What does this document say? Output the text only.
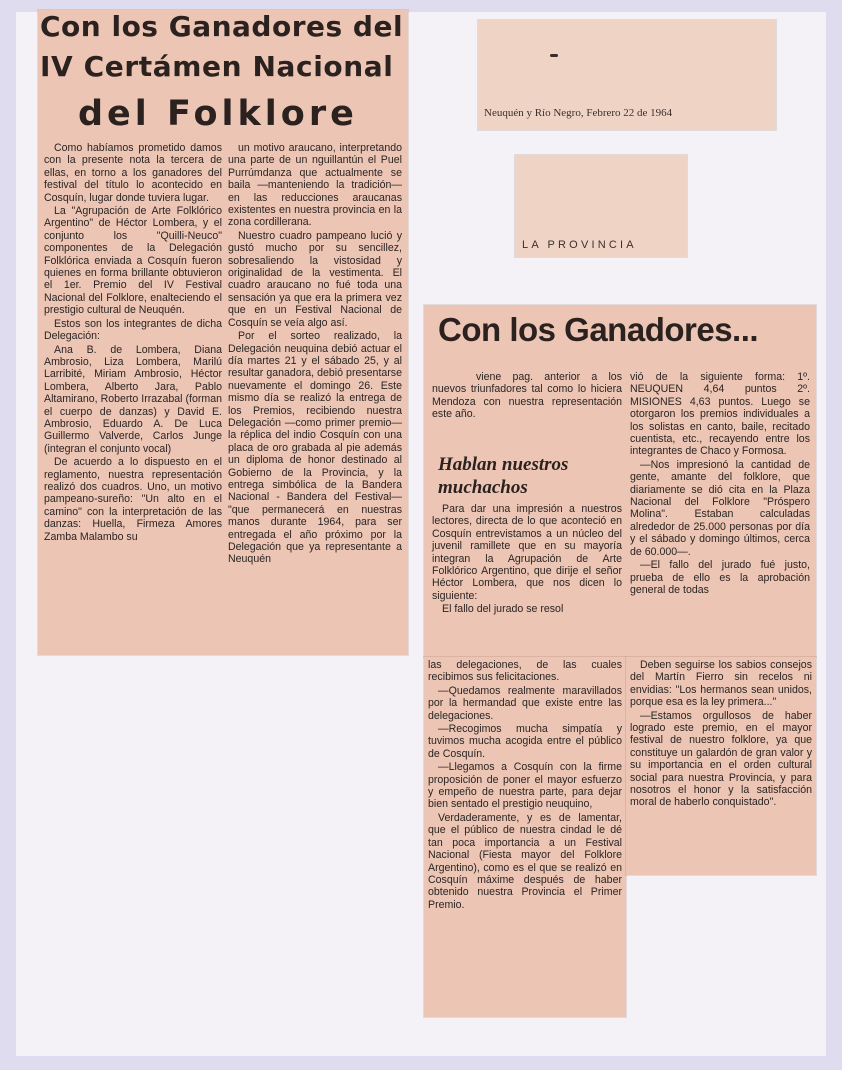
Con los Ganadores del
IV Certámen Nacional
del Folklore

Como habíamos prometido damos con la presente nota la tercera de ellas, en torno a los ganadores del festival del título lo acontecido en Cosquín, lugar donde tuviera lugar.

La "Agrupación de Arte Folklórico Argentino" de Héctor Lombera, y el conjunto los "Quilli-Neuco" componentes de la Delegación Folklórica enviada a Cosquín fueron quienes en forma brillante obtuvieron el 1er. Premio del IV Festival Nacional del Folklore, enalteciendo el prestigio cultural de Neuquén.

Estos son los integrantes de dicha Delegación:

Ana B. de Lombera, Diana Ambrosio, Liza Lombera, Marilú Larribité, Miriam Ambrosio, Héctor Lombera, Alberto Jara, Pablo Altamirano, Roberto Irrazabal (forman el cuerpo de danzas) y David E. Ambrosio, Eduardo A. De Luca Guillermo Valverde, Carlos Junge (integran el conjunto vocal)

De acuerdo a lo dispuesto en el reglamento, nuestra representación realizó dos cuadros. Uno, un motivo pampeano-sureño: "Un alto en el camino" con la interpretación de las danzas: Huella, Firmeza Amores Zamba Malambo su

un motivo araucano, interpretando una parte de un nguillantún el Puel Purrúmdanza que actualmente se baila —manteniendo la tradición— en las reducciones araucanas existentes en nuestra provincia en la zona cordillerana.

Nuestro cuadro pampeano lució y gustó mucho por su sencillez, sobresaliendo la vistosidad y originalidad de la vestimenta. El cuadro araucano no fué toda una sensación ya que era la primera vez que en un Festival Nacional de Cosquín se veía algo así.

Por el sorteo realizado, la Delegación neuquina debió actuar el día martes 21 y el sábado 25, y al resultar ganadora, debió presentarse nuevamente el domingo 26. Este mismo día se realizó la entrega de los Premios, recibiendo nuestra Delegación —como primer premio— la réplica del indio Cosquín con una placa de oro grabada al pie además un diploma de honor destinado al Gobierno de la Provincia, y la entrega simbólica de la Bandera Nacional - Bandera del Festival— "que permanecerá en nuestras manos durante 1964, para ser entregada el año próximo por la Delegación que ya representante a Neuquén

Neuquén y Río Negro, Febrero 22 de 1964
LA PROVINCIA
Con los Ganadores...
viene pag. anterior a los nuevos triunfadores tal como lo hiciera Mendoza con nuestra representación este año.
Hablan nuestros muchachos

Para dar una impresión a nuestros lectores, directa de lo que aconteció en Cosquín entrevistamos a un núcleo del juvenil ramillete que en su mayoría integran la Agrupación de Arte Folklórico Argentino, que dirije el señor Héctor Lombera, que nos dicen lo siguiente:

El fallo del jurado se resol

vió de la siguiente forma: 1º. NEUQUEN 4,64 puntos 2º. MISIONES 4,63 puntos. Luego se otorgaron los premios individuales a los solistas en canto, baile, recitado cuentista, etc., recayendo entre los integrantes de Chaco y Formosa.

—Nos impresionó la cantidad de gente, amante del folklore, que diariamente se dió cita en la Plaza Nacional del Folklore "Próspero Molina". Estaban calculadas alrededor de 25.000 personas por día y el sábado y domingo últimos, cerca de 60.000—.

—El fallo del jurado fué justo, prueba de ello es la aprobación general de todas

las delegaciones, de las cuales recibimos sus felicitaciones.

—Quedamos realmente maravillados por la hermandad que existe entre las delegaciones.

—Recogimos mucha simpatía y tuvimos mucha acogida entre el público de Cosquín.

—Llegamos a Cosquín con la firme proposición de poner el mayor esfuerzo y empeño de nuestra parte, para dejar bien sentado el prestigio neuquino,

Verdaderamente, y es de lamentar, que el público de nuestra cindad le dé tan poca importancia a un Festival Nacional (Fiesta mayor del Folklore Argentino), como es el que se realizó en Cosquín máxime después de haber obtenido nuestra Provincia el Primer Premio.

Deben seguirse los sabios consejos del Martín Fierro sin recelos ni envidias: "Los hermanos sean unidos, porque esa es la ley primera..."

—Estamos orgullosos de haber logrado este premio, en el mayor festival de nuestro folklore, ya que constituye un galardón de gran valor y su importancia en el orden cultural social para nuestra Provincia, y para nosotros el honor y la satisfacción moral de haberlo conquistado".
